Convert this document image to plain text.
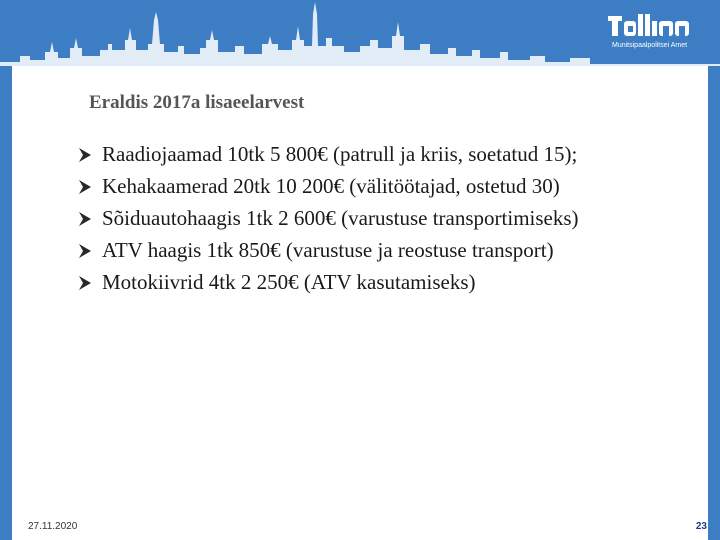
Munitsipaalpolitsei Amet
Eraldis 2017a lisaeelarvest
Raadiojaamad 10tk 5 800€ (patrull ja kriis, soetatud 15);
Kehakaamerad 20tk 10 200€ (välitöötajad, ostetud 30)
Sõiduautohaagis 1tk 2 600€ (varustuse transportimiseks)
ATV haagis 1tk 850€ (varustuse ja reostuse transport)
Motokiivrid 4tk 2 250€ (ATV kasutamiseks)
27.11.2020	23
